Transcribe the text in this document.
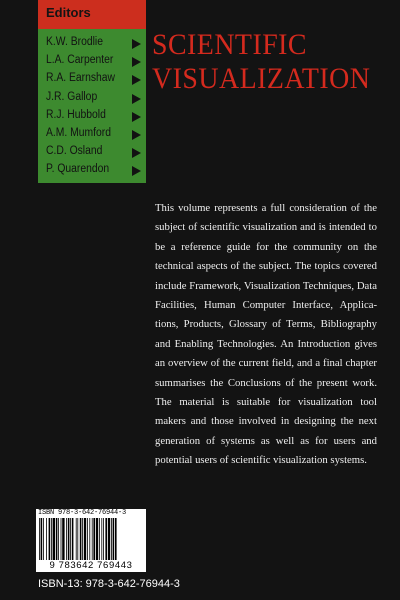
Editors
K.W. Brodlie
L.A. Carpenter
R.A. Earnshaw
J.R. Gallop
R.J. Hubbold
A.M. Mumford
C.D. Osland
P. Quarendon
SCIENTIFIC
VISUALIZATION
This volume represents a full consideration of the subject of scientific visualization and is intended to be a reference guide for the community on the technical aspects of the subject. The topics covered include Framework, Visualization Techniques, Data Facilities, Human Computer Interface, Applications, Products, Glossary of Terms, Bibliography and Enabling Technologies. An Introduction gives an overview of the current field, and a final chapter summarises the Conclusions of the present work. The material is suitable for visualization tool makers and those involved in designing the next generation of systems as well as for users and potential users of scientific visualization systems.
ISBN 978-3-642-76944-3
9 783642 769443
ISBN-13: 978-3-642-76944-3
